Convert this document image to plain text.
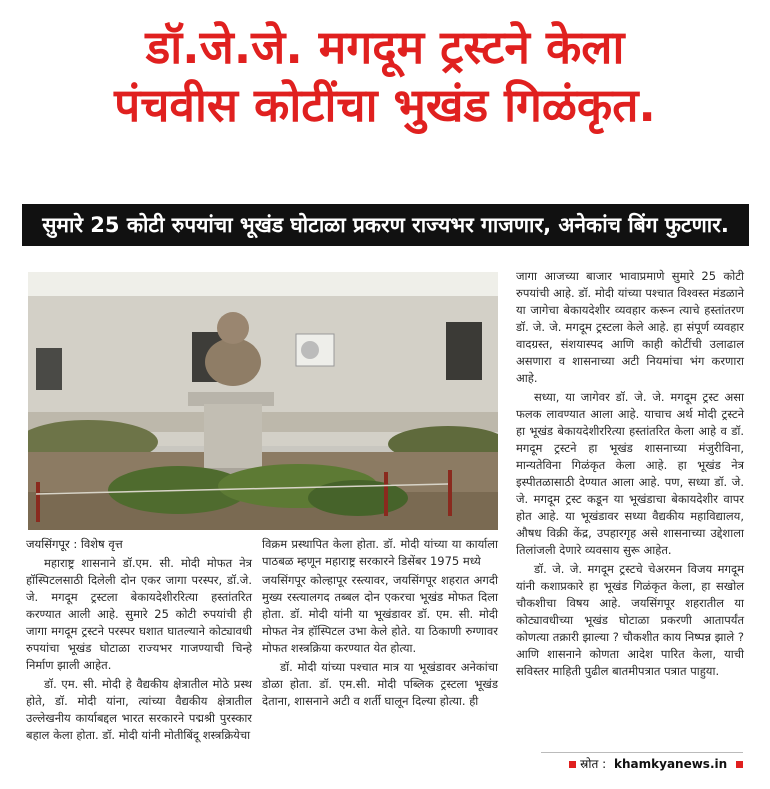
डॉ.जे.जे. मगदूम ट्रस्टने केला
पंचवीस कोटींचा भुखंड गिळंकृत.
सुमारे 25 कोटी रुपयांचा भूखंड घोटाळा प्रकरण राज्यभर गाजणार, अनेकांच बिंग फुटणार.

जयसिंगपूर : विशेष वृत्त

महाराष्ट्र शासनाने डॉ.एम. सी. मोदी मोफत नेत्र हॉस्पिटलसाठी दिलेली दोन एकर जागा परस्पर, डॉ.जे. जे. मगदूम ट्रस्टला बेकायदेशीररित्या हस्तांतरित करण्यात आली आहे. सुमारे 25 कोटी रुपयांची ही जागा मगदूम ट्रस्टने परस्पर घशात घातल्याने कोट्यावधी रुपयांचा भूखंड घोटाळा राज्यभर गाजण्याची चिन्हे निर्माण झाली आहेत.

डॉ. एम. सी. मोदी हे वैद्यकीय क्षेत्रातील मोठे प्रस्थ होते, डॉ. मोदी यांना, त्यांच्या वैद्यकीय क्षेत्रातील उल्लेखनीय कार्याबद्दल भारत सरकारने पद्मश्री पुरस्कार बहाल केला होता. डॉ. मोदी यांनी मोतीबिंदू शस्त्रक्रियेचा

विक्रम प्रस्थापित केला होता. डॉ. मोदी यांच्या या कार्याला पाठबळ म्हणून महाराष्ट्र सरकारने डिसेंबर 1975 मध्ये

जयसिंगपूर कोल्हापूर रस्त्यावर, जयसिंगपूर शहरात अगदी मुख्य रस्त्यालगद तब्बल दोन एकरचा भूखंड मोफत दिला होता. डॉ. मोदी यांनी या भूखंडावर डॉ. एम. सी. मोदी मोफत नेत्र हॉस्पिटल उभा केले होते. या ठिकाणी रुग्णावर मोफत शस्त्रक्रिया करण्यात येत होत्या.

डॉ. मोदी यांच्या पश्चात मात्र या भूखंडावर अनेकांचा डोळा होता. डॉ. एम.सी. मोदी पब्लिक ट्रस्टला भूखंड देताना, शासनाने अटी व शर्ती घालून दिल्या होत्या. ही

जागा आजच्या बाजार भावाप्रमाणे सुमारे 25 कोटी रुपयांची आहे. डॉ. मोदी यांच्या पश्चात विश्वस्त मंडळाने या जागेचा बेकायदेशीर व्यवहार करून त्याचे हस्तांतरण डॉ. जे. जे. मगदूम ट्रस्टला केले आहे. हा संपूर्ण व्यवहार वादग्रस्त, संशयास्पद आणि काही कोटींची उलाढाल असणारा व शासनाच्या अटी नियमांचा भंग करणारा आहे.

सध्या, या जागेवर डॉ. जे. जे. मगदूम ट्रस्ट असा फलक लावण्यात आला आहे. याचाच अर्थ मोदी ट्रस्टने हा भूखंड बेकायदेशीररित्या हस्तांतरित केला आहे व डॉ. मगदूम ट्रस्टने हा भूखंड शासनाच्या मंजुरीविना, मान्यतेविना गिळंकृत केला आहे. हा भूखंड नेत्र इस्पीतळासाठी देण्यात आला आहे. पण, सध्या डॉ. जे. जे. मगदूम ट्रस्ट कडून या भूखंडाचा बेकायदेशीर वापर होत आहे. या भूखंडावर सध्या वैद्यकीय महाविद्यालय, औषध विक्री केंद्र, उपहारगृह असे शासनाच्या उद्देशाला तिलांजली देणारे व्यवसाय सुरू आहेत.

डॉ. जे. जे. मगदूम ट्रस्टचे चेअरमन विजय मगदूम यांनी कशाप्रकारे हा भूखंड गिळंकृत केला, हा सखोल चौकशीचा विषय आहे. जयसिंगपूर शहरातील या कोट्यावधीच्या भूखंड घोटाळा प्रकरणी आतापर्यंत कोणत्या तक्रारी झाल्या ? चौकशीत काय निष्पन्न झाले ? आणि शासनाने कोणता आदेश पारित केला, याची सविस्तर माहिती पुढील बातमीपत्रात पत्रात पाहुया.

स्रोत : khamkyanews.in
